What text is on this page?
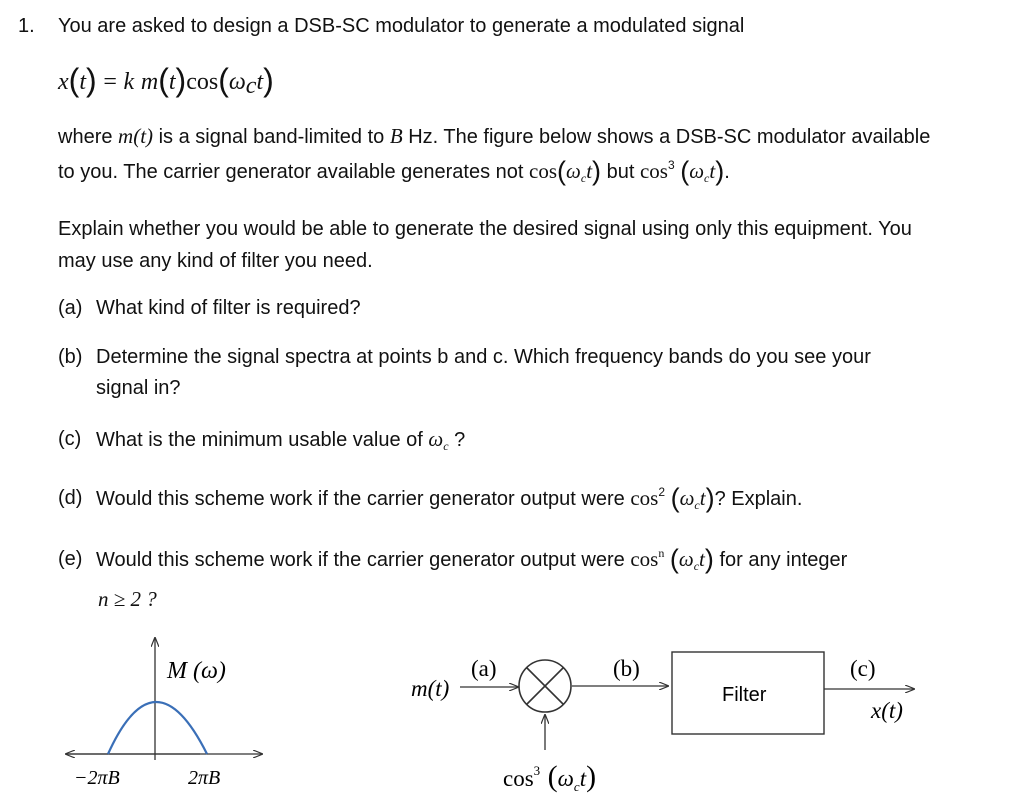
1. You are asked to design a DSB-SC modulator to generate a modulated signal
x(t) = k $m(t)\cos(\omega_ct)$
where m(t) is a signal band-limited to B Hz. The figure below shows a DSB-SC modulator available
to you. The carrier generator available generates not $\cos(\omega_ct)$ but $\cos^3 (\omega_ct)$.
Explain whether you would be able to generate the desired signal using only this equipment. You
may use any kind of filter you need.
(a) What kind of filter is required?
(b) Determine the signal spectra at points b and c. Which frequency bands do you see your
signal in?
(c) What is the minimum usable value of $\omega_c$ ?
(d) Would this scheme work if the carrier generator output were $\cos^2 (\omega_ct)$? Explain.
(e) Would this scheme work if the carrier generator output were $\cos^n (\omega_ct)$ for any integer
n ≥ 2 ?
M (ω)
−2πB	2πB
m(t)
(a)
$\cos^3 (\omega_ct)$
(b)
Filter
(c)
x(t)
